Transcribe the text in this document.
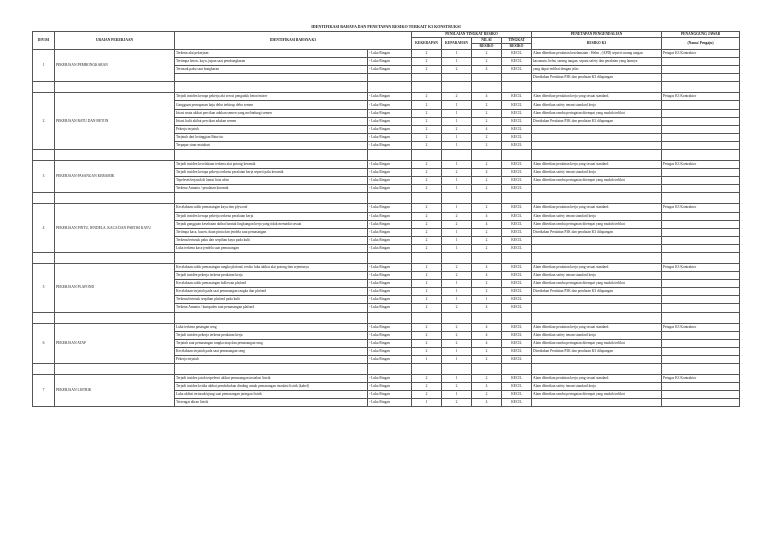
IDENTIFIKASI BAHAYA DAN PENETAPAN RESIKO TERKAIT K3 KONSTRUKSI									
DIVISI	URAIAN PEKERJAAN	IDENTIFIKASI BAHAYA K3		PENILAIAN TINGKAT RESIKO				PENETAPAN PENGENDALIAN	PENANGGUNG JAWAB
				KEKERAPAN	KEPARAHAN	NILAI	TINGKAT	RESIKO K3	(Nama/ Pengaju)
						RESIKO	RESIKO		
1	PEKERJAAN PEMBONGKARAN	Terkena alat pekerjaan	- Luka Ringan	2	1	2	KECIL	Alam diberikan peralatan keselamatan : Helm , (APD) seperti sarung tangan	Petugas K3 Kontraktor
		Tertimpa beton, kayu, jupan saat pembongkaran	- Luka Ringan	2	1	2	KECIL	kacamata, helm, sarung tangan, sepatu safety dan peralatan yang lainnya	
		Tertusuk paku saat bongkaran	- Luka Ringan	2	2	4	KECIL	yang dapat terlihat dengan jelas	
								Disediakan Peralatan P3K dan peralatan K3 dilapangan	

2	PEKERJAAN BATU DAN BETON	Terjadi insiden kerupa pekerja akt serosi pengaduk beton/mixer	- Luka Ringan	2	2	4	KECIL	Alam diberikan peralatan kerja yang sesuai standard.	Petugas K3 Kontraktor
		Gangguan pernapasan baju debu terhirup debu semen	- Luka Ringan	2	1	2	KECIL	Alam diberikan safety tenant standard kerja	
		Iritasi mata akibat percikan adukan semen yang melindungi semen	- Luka Ringan	2	1	2	KECIL	Alam diberikan rambu peringatan ditempat yang mudah terlihat	
		Iritasi kulit akibat percikan adukan semen	- Luka Ringan	2	1	2	KECIL	Disediakan Peralatan P3K dan peralatan K3 dilapangan	
		Pekerja terjatuh	- Luka Ringan	2	2	4	KECIL		
		Terjatuh dari ketinggian Batu/sio	- Luka Ringan	2	1	2	KECIL		
		Terpapar sinar matahari	- Luka Ringan	2	1	2	KECIL		

3	PEKERJAAN PASANGAN KERAMIK	Terjadi insiden kecelakaan terkena alat potong keramik	- Luka Ringan	2	1	2	KECIL	Alam diberikan peralatan kerja yang sesuai standard.	Petugas K3 Kontraktor
		Terjadi insiden kerupa pekerja terkena peralatan kerja seperti palu keramik	- Luka Ringan	2	2	4	KECIL	Alam diberikan safety tenant standard kerja	
		Tepeleset/terjatuh di lantai licin ubin	- Luka Ringan	2	1	2	KECIL	Alam diberikan rambu peringatan ditempat yang mudah terlihat	
		Terkena Amunia / peralatan keramik	- Luka Ringan	2	1	2	KECIL		

4	PEKERJAAN PINTU, JENDELA, KACA DAN PARTISI KAYU	Kecelakaan saldo pemasangan kayu dan plywood	- Luka Ringan	2	1	2	KECIL	Alam diberikan peralatan kerja yang sesuai standard.	Petugas K3 Kontraktor
		Terjadi insiden kerupa pekerja terkena peralatan kerja	- Luka Ringan	2	2	4	KECIL	Alam diberikan safety tenant standard kerja	
		Terjadi gangguan kesehatan akibat bantuk lingkungan kerja yang tidak memadai sesuai	- Luka Ringan	2	2	4	KECIL	Alam diberikan rambu peringatan ditempat yang mudah terlihat	
		Tertimpa kaca, kusen, daun pintu dan jendela saat pemasangan	- Luka Ringan	2	1	2	KECIL	Disediakan Peralatan P3K dan peralatan K3 dilapangan	
		Terkena/tertusuk paku dan serpihan kayu pada kulit	- Luka Ringan	2	1	2	KECIL		
		Luka terkena kaca jendela saat pemasangan	- Luka Ringan	2	1	2	KECIL		

5	PEKERJAAN PLAFOND	Kecelakaan saldo pemasangan rangka plafond, resiko luka akibat alat potong dan sejenisnya	- Luka Ringan	2	2	4	KECIL	Alam diberikan peralatan kerja yang sesuai standard.	Petugas K3 Kontraktor
		Terjadi insiden pekerja terkena peralatan kerja	- Luka Ringan	2	2	4	KECIL	Alam diberikan safety tenant standard kerja	
		Kecelakaan saldo pemasangan hollowan plafond	- Luka Ringan	2	1	2	KECIL	Alam diberikan rambu peringatan ditempat yang mudah terlihat	
		Kecelakaan terjatuh pada saat pemasangan rangka dan plafond	- Luka Ringan	2	1	2	KECIL	Disediakan Peralatan P3K dan peralatan K3 dilapangan	
		Terkena/tertusuk serpihan plafond pada kulit	- Luka Ringan	2	1	1	KECIL		
		Terkena Amunia / kumpulen saat pemasangan plafond	- Luka Ringan	2	2	4	KECIL		

6	PEKERJAAN ATAP	Luka terkena pasangan seng	- Luka Ringan	2	2	4	KECIL	Alam diberikan peralatan kerja yang sesuai standard.	Petugas K3 Kontraktor
		Terjadi insiden pekerja terkena peralatan kerja	- Luka Ringan	2	2	4	KECIL	Alam diberikan safety tenant standard kerja	
		Terjatuh saat pemasangan rangka atap dan pemasangan seng	- Luka Ringan	2	2	4	KECIL	Alam diberikan rambu peringatan ditempat yang mudah terlihat	
		Kecelakaan terjatuh pada saat pemasangan seng	- Luka Ringan	2	1	2	KECIL	Disediakan Peralatan P3K dan peralatan K3 dilapangan	
		Pekerja terjatuh	- Luka Ringan	1	1	2	KECIL		

7	PEKERJAAN LISTRIK	Terjadi insiden jatuh terpeleset akibat pemasangan instalasi listrik	- Luka Ringan	2	1	2	KECIL	Alam diberikan peralatan kerja yang sesuai standard.	Petugas K3 Kontraktor
		Terjadi insiden ketika akibat pembobokan dinding untuk pemasangan instalasi listrik (kabel)	- Luka Ringan	2	2	4	KECIL	Alam diberikan safety tenant standard kerja	
		Luka akibat tertusuk/ujung saat pemasangan jaringan listrik	- Luka Ringan	2	1	2	KECIL	Alam diberikan rambu peringatan ditempat yang mudah terlihat	
		Tersengat aliran listrik	- Luka Ringan	1	2	4	KECIL		
